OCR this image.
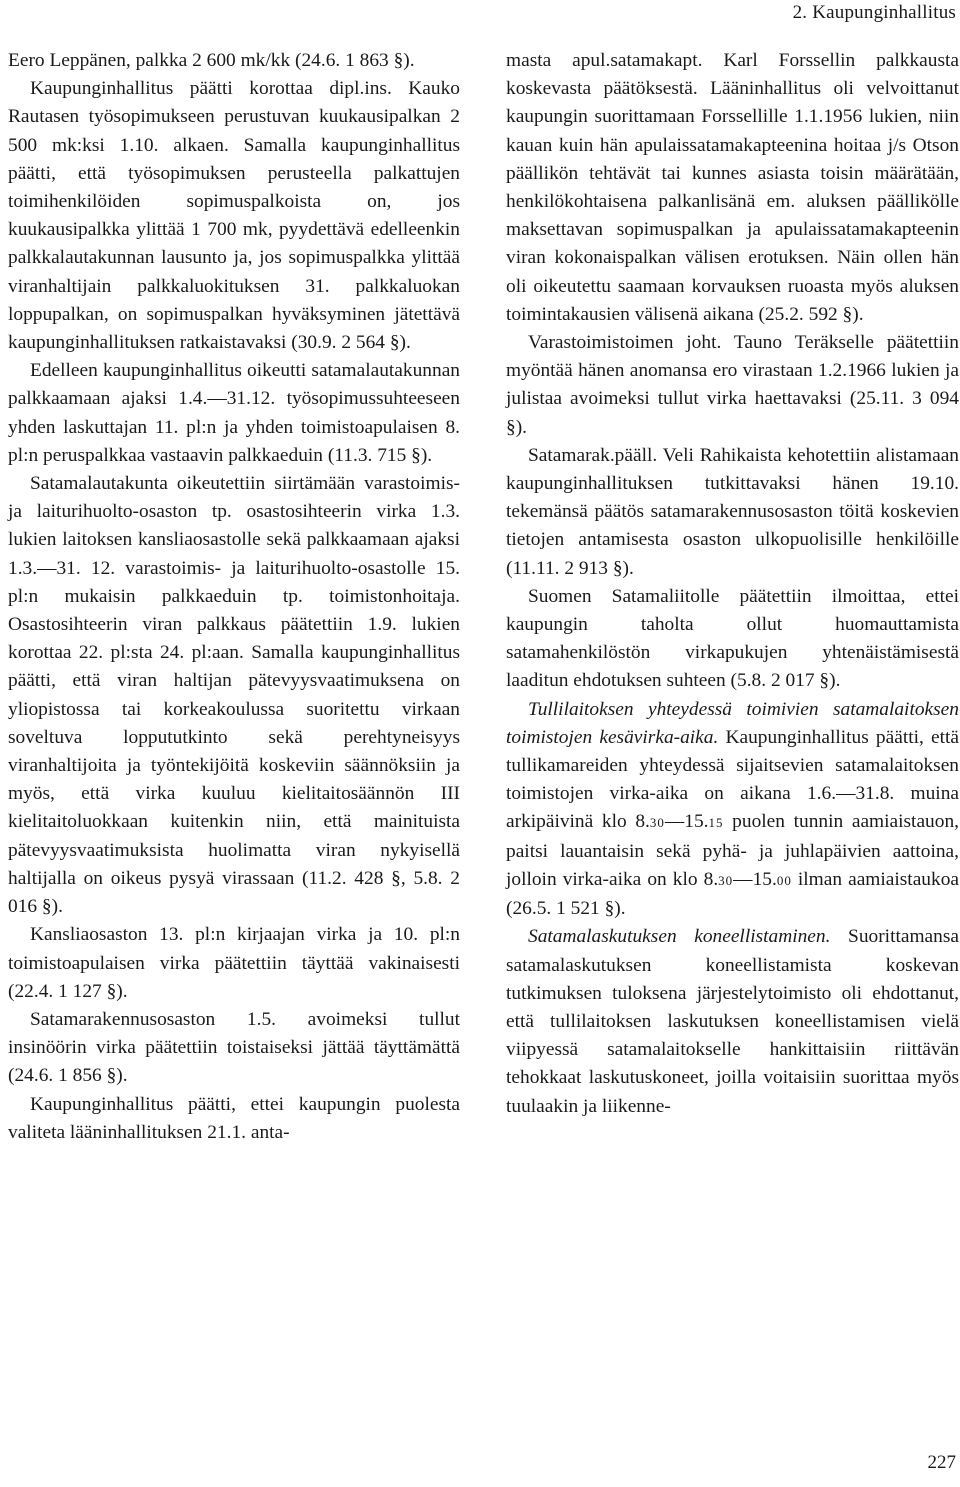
2. Kaupunginhallitus

Eero Leppänen, palkka 2 600 mk/kk (24.6. 1 863 §).

Kaupunginhallitus päätti korottaa dipl.ins. Kauko Rautasen työsopimukseen perustuvan kuukausipalkan 2 500 mk:ksi 1.10. alkaen. Samalla kaupunginhallitus päätti, että työsopimuksen perusteella palkattujen toimihenkilöiden sopimuspalkoista on, jos kuukausipalkka ylittää 1 700 mk, pyydettävä edelleenkin palkkalautakunnan lausunto ja, jos sopimuspalkka ylittää viranhaltijain palkkaluokituksen 31. palkkaluokan loppupalkan, on sopimuspalkan hyväksyminen jätettävä kaupunginhallituksen ratkaistavaksi (30.9. 2 564 §).

Edelleen kaupunginhallitus oikeutti satamalautakunnan palkkaamaan ajaksi 1.4.—31.12. työsopimussuhteeseen yhden laskuttajan 11. pl:n ja yhden toimistoapulaisen 8. pl:n peruspalkkaa vastaavin palkkaeduin (11.3. 715 §).

Satamalautakunta oikeutettiin siirtämään varastoimis- ja laiturihuolto-osaston tp. osastosihteerin virka 1.3. lukien laitoksen kansliaosastolle sekä palkkaamaan ajaksi 1.3.—31. 12. varastoimis- ja laiturihuolto-osastolle 15. pl:n mukaisin palkkaeduin tp. toimistonhoitaja. Osastosihteerin viran palkkaus päätettiin 1.9. lukien korottaa 22. pl:sta 24. pl:aan. Samalla kaupunginhallitus päätti, että viran haltijan pätevyysvaatimuksena on yliopistossa tai korkeakoulussa suoritettu virkaan soveltuva loppututkinto sekä perehtyneisyys viranhaltijoita ja työntekijöitä koskeviin säännöksiin ja myös, että virka kuuluu kielitaitosäännön III kielitaitoluokkaan kuitenkin niin, että mainituista pätevyysvaatimuksista huolimatta viran nykyisellä haltijalla on oikeus pysyä virassaan (11.2. 428 §, 5.8. 2 016 §).

Kansliaosaston 13. pl:n kirjaajan virka ja 10. pl:n toimistoapulaisen virka päätettiin täyttää vakinaisesti (22.4. 1 127 §).

Satamarakennusosaston 1.5. avoimeksi tullut insinöörin virka päätettiin toistaiseksi jättää täyttämättä (24.6. 1 856 §).

Kaupunginhallitus päätti, ettei kaupungin puolesta valiteta lääninhallituksen 21.1. anta-

masta apul.satamakapt. Karl Forssellin palkkausta koskevasta päätöksestä. Lääninhallitus oli velvoittanut kaupungin suorittamaan Forssellille 1.1.1956 lukien, niin kauan kuin hän apulaissatamakapteenina hoitaa j/s Otson päällikön tehtävät tai kunnes asiasta toisin määrätään, henkilökohtaisena palkanlisänä em. aluksen päällikölle maksettavan sopimuspalkan ja apulaissatamakapteenin viran kokonaispalkan välisen erotuksen. Näin ollen hän oli oikeutettu saamaan korvauksen ruoasta myös aluksen toimintakausien välisenä aikana (25.2. 592 §).

Varastoimistoimen joht. Tauno Teräkselle päätettiin myöntää hänen anomansa ero virastaan 1.2.1966 lukien ja julistaa avoimeksi tullut virka haettavaksi (25.11. 3 094 §).

Satamarak.pääll. Veli Rahikaista kehotettiin alistamaan kaupunginhallituksen tutkittavaksi hänen 19.10. tekemänsä päätös satamarakennusosaston töitä koskevien tietojen antamisesta osaston ulkopuolisille henkilöille (11.11. 2 913 §).

Suomen Satamaliitolle päätettiin ilmoittaa, ettei kaupungin taholta ollut huomauttamista satamahenkilöstön virkapukujen yhtenäistämisestä laaditun ehdotuksen suhteen (5.8. 2 017 §).

Tullilaitoksen yhteydessä toimivien satamalaitoksen toimistojen kesävirka-aika. Kaupunginhallitus päätti, että tullikamareiden yhteydessä sijaitsevien satamalaitoksen toimistojen virka-aika on aikana 1.6.—31.8. muina arkipäivinä klo 8.30—15.15 puolen tunnin aamiaistauon, paitsi lauantaisin sekä pyhä- ja juhlapäivien aattoina, jolloin virka-aika on klo 8.30—15.00 ilman aamiaistaukoa (26.5. 1 521 §).

Satamalaskutuksen koneellistaminen. Suorittamansa satamalaskutuksen koneellistamista koskevan tutkimuksen tuloksena järjestelytoimisto oli ehdottanut, että tullilaitoksen laskutuksen koneellistamisen vielä viipyessä satamalaitokselle hankittaisiin riittävän tehokkaat laskutuskoneet, joilla voitaisiin suorittaa myös tuulaakin ja liikenne-

227
